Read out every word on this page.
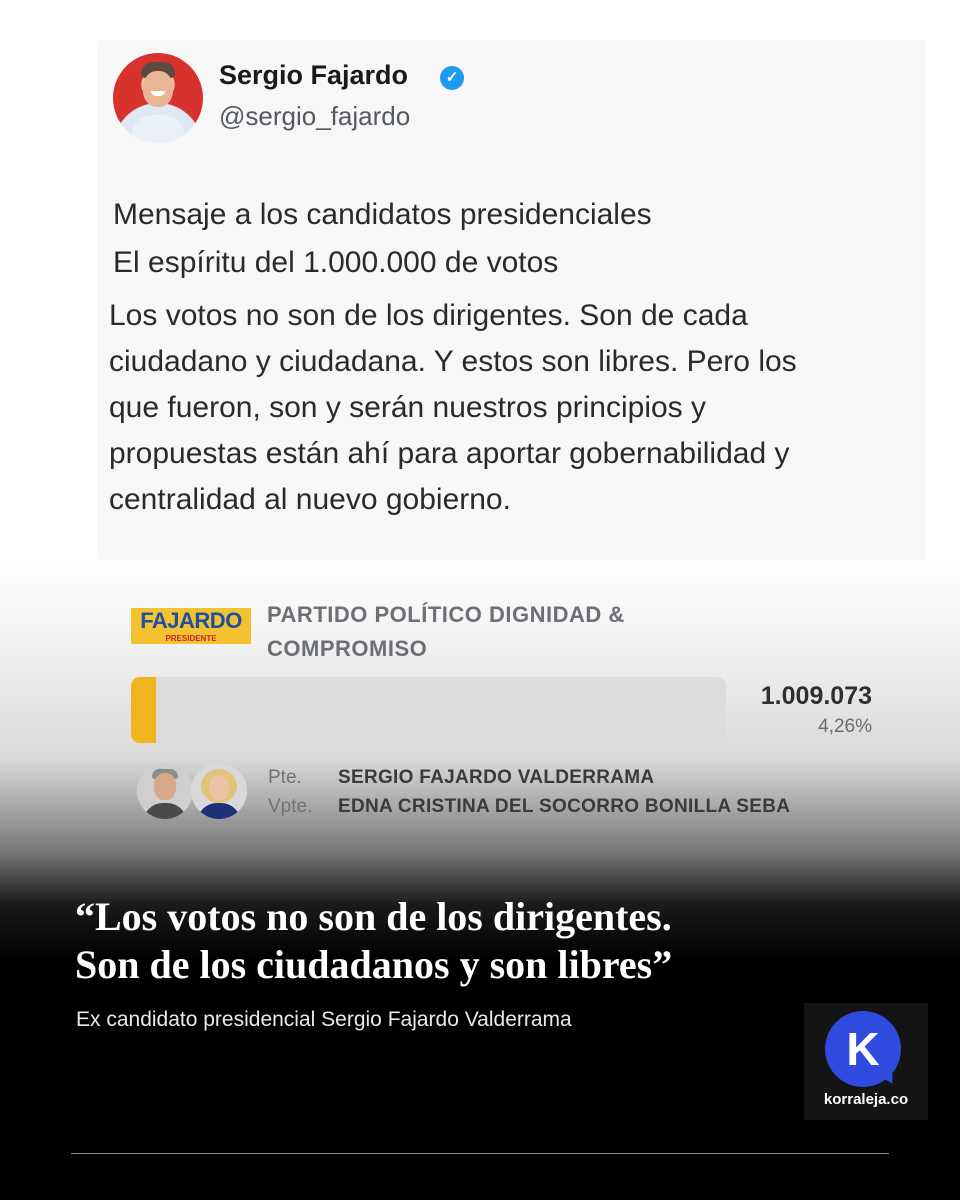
Sergio Fajardo	✓
@sergio_fajardo
Mensaje a los candidatos presidenciales
El espíritu del 1.000.000 de votos
Los votos no son de los dirigentes. Son de cada
ciudadano y ciudadana. Y estos son libres. Pero los
que fueron, son y serán nuestros principios y
propuestas están ahí para aportar gobernabilidad y
centralidad al nuevo gobierno.
FAJARDO
PRESIDENTE
PARTIDO POLÍTICO DIGNIDAD &
COMPROMISO
1.009.073
4,26%
Pte. SERGIO FAJARDO VALDERRAMA
Vpte. EDNA CRISTINA DEL SOCORRO BONILLA SEBA
“Los votos no son de los dirigentes.
Son de los ciudadanos y son libres”
Ex candidato presidencial Sergio Fajardo Valderrama
K
korraleja.co
